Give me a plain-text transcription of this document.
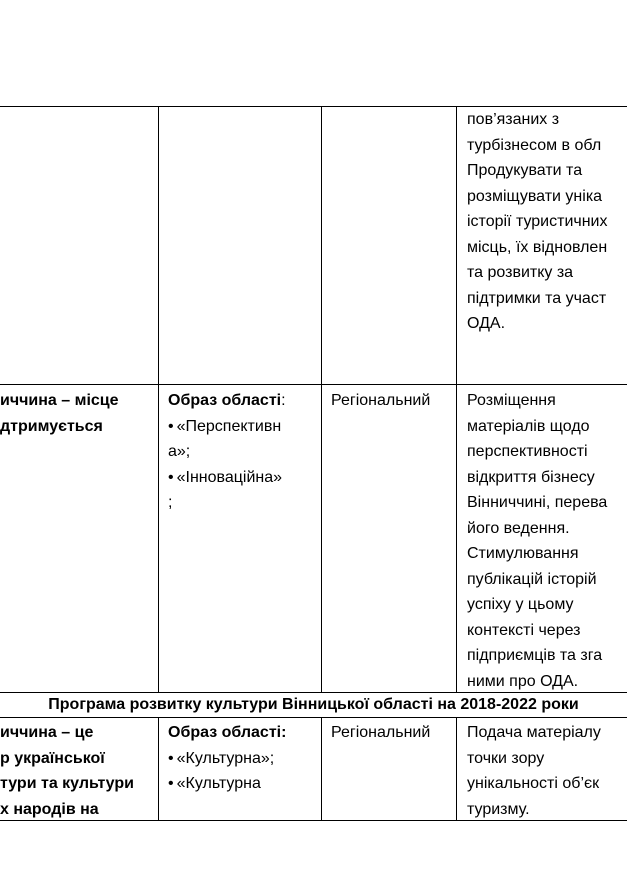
пов’язаних з
турбізнесом в обл
Продукувати та
розміщувати уніка
історії туристичних
місць, їх відновлен
та розвитку за
підтримки та участ
ОДА.
иччина – місце
дтримується
Образ області:
• «Перспективн
а»;
• «Інноваційна»
;
Регіональний Розміщення
матеріалів щодо
перспективності
відкриття бізнесу
Вінниччині, перева
його ведення.
Стимулювання
публікацій історій
успіху у цьому
контексті через
підприємців та зга
ними про ОДА.
Програма розвитку культури Вінницької області на 2018-2022 роки
иччина – це
р української
тури та культури
х народів на
Образ області:
• «Культурна»;
• «Культурна
Регіональний Подача матеріалу
точки зору
унікальності об’єк
туризму.
